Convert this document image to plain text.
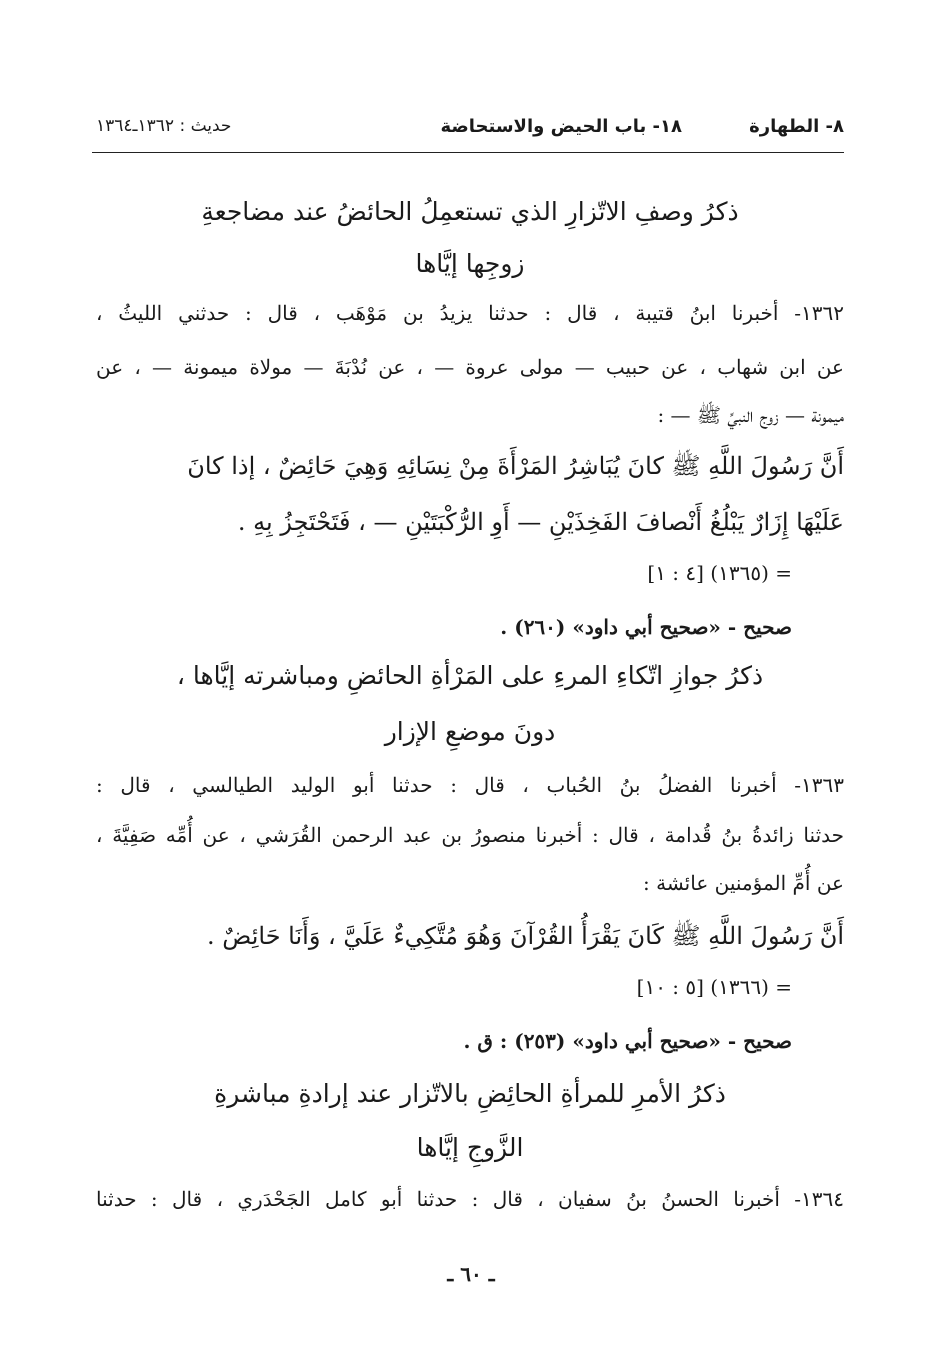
٨- الطهارة
١٨- باب الحيض والاستحاضة
حديث : ١٣٦٢ـ١٣٦٤
ذكرُ وصفِ الاتّزارِ الذي تستعمِلُ الحائضُ عند مضاجعةِ
زوجِها إيَّاها
١٣٦٢- أخبرنا ابنُ قتيبة ، قال : حدثنا يزيدُ بن مَوْهَب ، قال : حدثني الليثُ ،
عن ابن شهاب ، عن حبيب — مولى عروة — ، عن نُدْبَةَ — مولاة ميمونة — ، عن
ميمونة — زوج النبيِّ ﷺ — :
أَنَّ رَسُولَ اللَّهِ ﷺ كانَ يُبَاشِرُ المَرْأَةَ مِنْ نِسَائِهِ وَهِيَ حَائِضٌ ، إذا كانَ
عَلَيْهَا إِزَارٌ يَبْلُغُ أَنْصافَ الفَخِذَيْنِ — أَوِ الرُّكْبَتَيْنِ — ، فَتَحْتَجِزُ بِهِ .
= (١٣٦٥) [٤ : ١]
صحيح - «صحيح أبي داود» (٢٦٠) .
ذكرُ جوازِ اتّكاءِ المرءِ على المَرْأةِ الحائضِ ومباشرته إيَّاها ،
دونَ موضعِ الإزار
١٣٦٣- أخبرنا الفضلُ بنُ الحُباب ، قال : حدثنا أبو الوليد الطيالسي ، قال :
حدثنا زائدةُ بنُ قُدامة ، قال : أخبرنا منصورُ بن عبد الرحمن القُرَشي ، عن أُمِّه صَفِيَّةَ ،
عن أُمِّ المؤمنين عائشة :
أَنَّ رَسُولَ اللَّهِ ﷺ كَانَ يَقْرَأُ القُرْآنَ وَهُوَ مُتَّكِيءٌ عَلَيَّ ، وَأَنَا حَائِضٌ .
= (١٣٦٦) [٥ : ١٠]
صحيح - «صحيح أبي داود» (٢٥٣) : ق .
ذكرُ الأمرِ للمرأةِ الحائِضِ بالاتّزار عند إرادةِ مباشرةِ
الزَّوجِ إيَّاها
١٣٦٤- أخبرنا الحسنُ بنُ سفيان ، قال : حدثنا أبو كامل الجَحْدَري ، قال : حدثنا
ـ ٦٠ ـ
